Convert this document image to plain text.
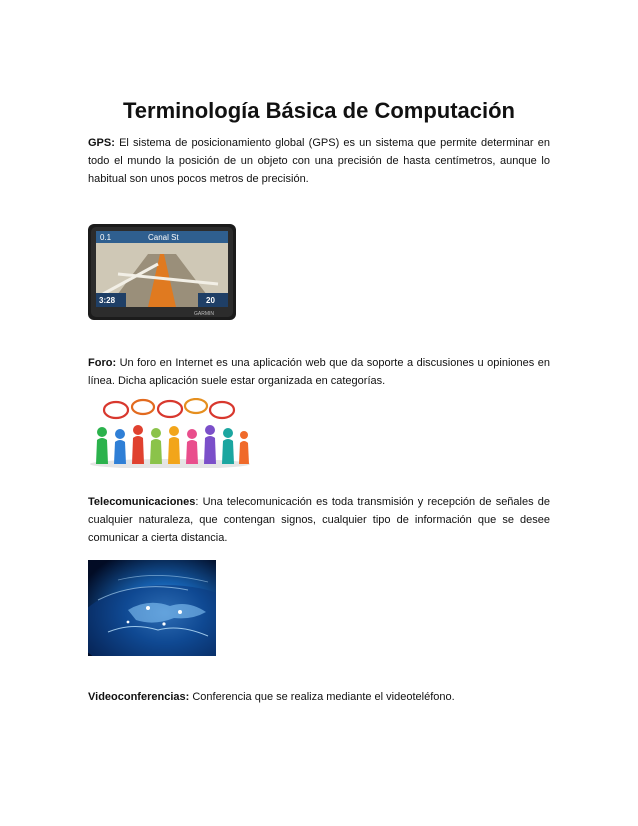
Terminología Básica de Computación

GPS: El sistema de posicionamiento global (GPS) es un sistema que permite determinar en todo el mundo la posición de un objeto con una precisión de hasta centímetros, aunque lo habitual son unos pocos metros de precisión.

0.1	Canal St
3:28	20
GARMIN

Foro: Un foro en Internet es una aplicación web que da soporte a discusiones u opiniones en línea. Dicha aplicación suele estar organizada en categorías.

Telecomunicaciones: Una telecomunicación es toda transmisión y recepción de señales de cualquier naturaleza, que contengan signos, cualquier tipo de información que se desee comunicar a cierta distancia.

Videoconferencias: Conferencia que se realiza mediante el videoteléfono.
